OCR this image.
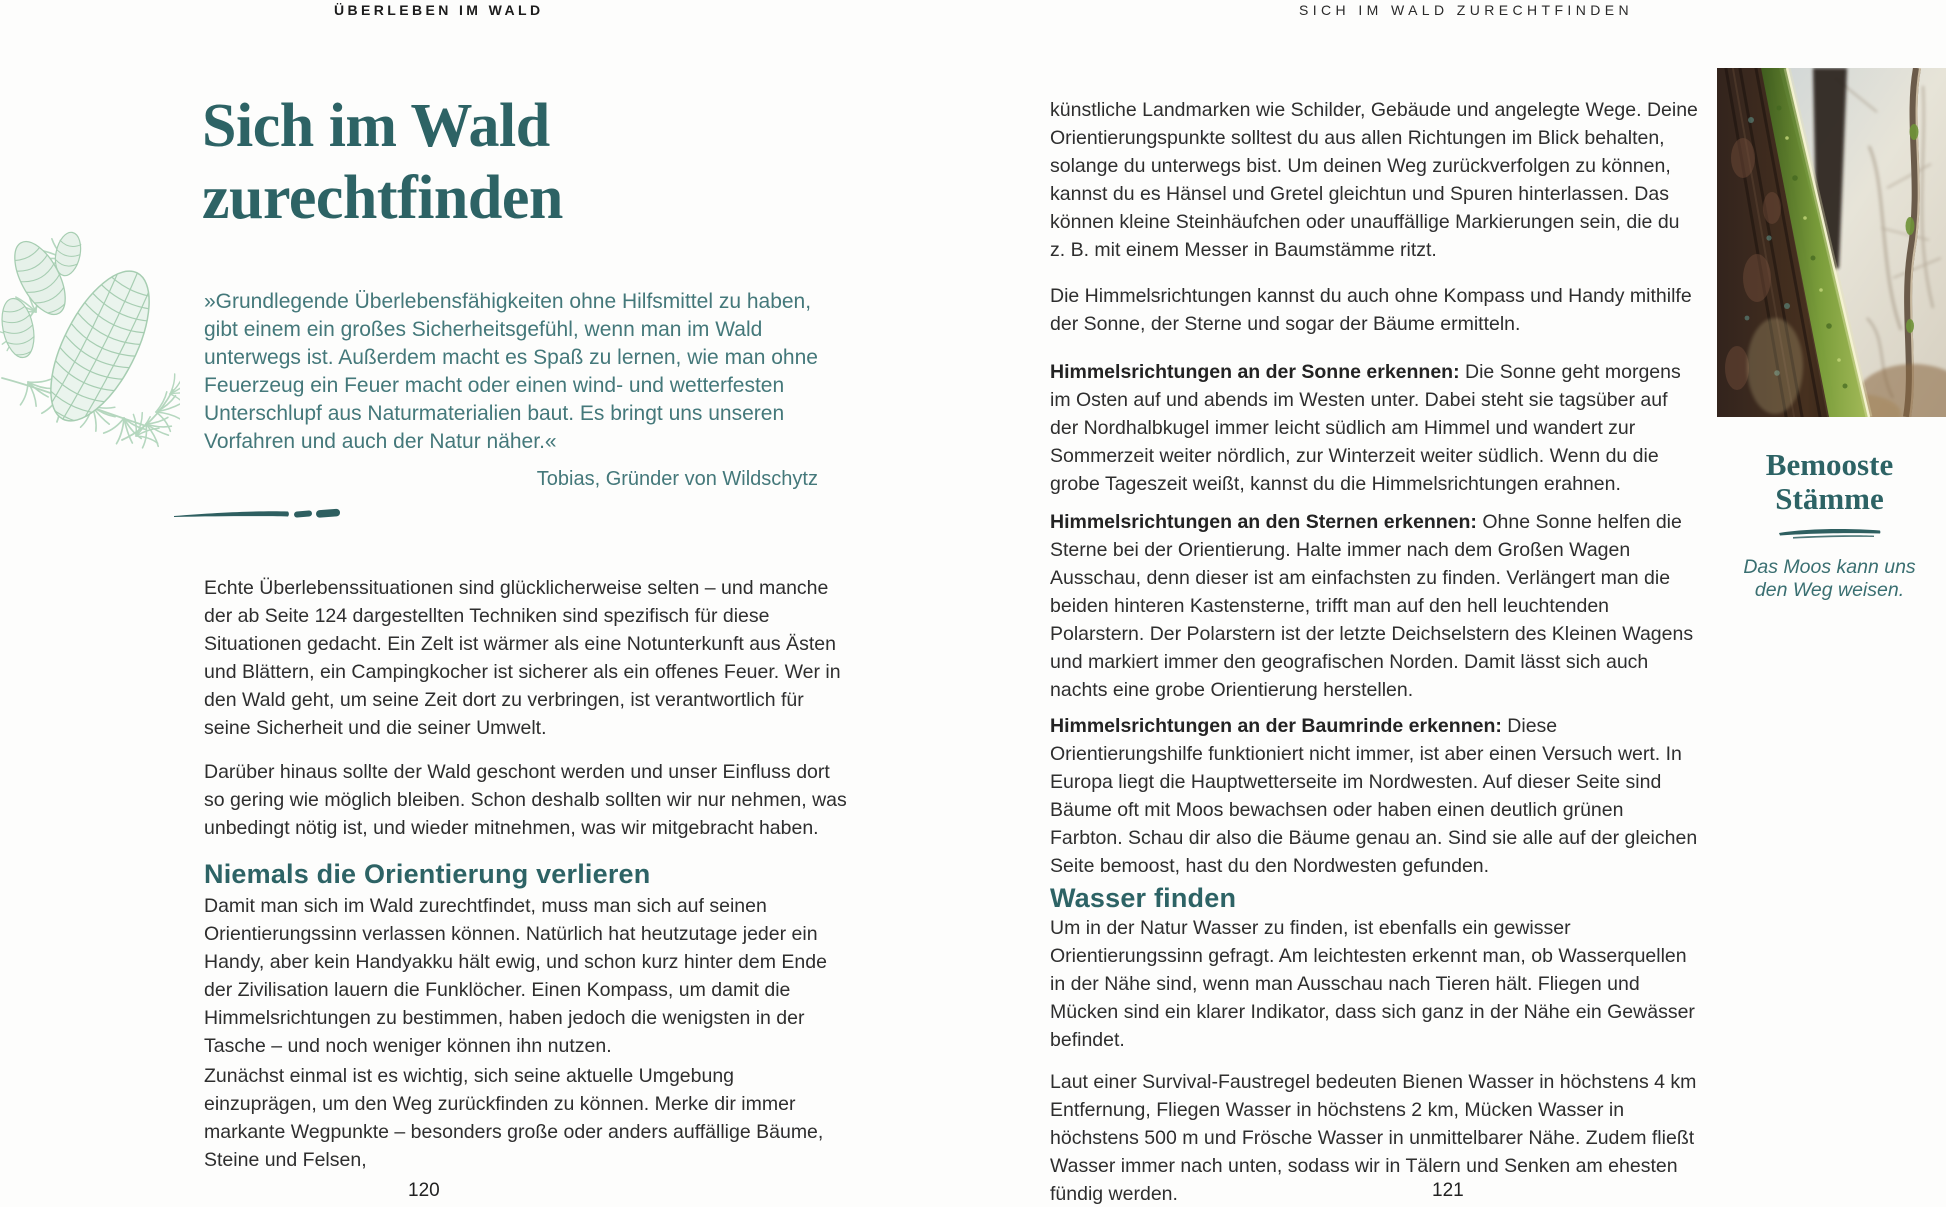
ÜBERLEBEN IM WALD	SICH IM WALD ZURECHTFINDEN
Sich im Wald zurechtfinden
»Grundlegende Überlebensfähigkeiten ohne Hilfsmittel zu haben, gibt einem ein großes Sicherheitsgefühl, wenn man im Wald unterwegs ist. Außerdem macht es Spaß zu lernen, wie man ohne Feuerzeug ein Feuer macht oder einen wind- und wetterfesten Unterschlupf aus Naturmaterialien baut. Es bringt uns unseren Vorfahren und auch der Natur näher.«
Tobias, Gründer von Wildschytz

Echte Überlebenssituationen sind glücklicherweise selten – und manche der ab Seite 124 dargestellten Techniken sind spezifisch für diese Situationen gedacht. Ein Zelt ist wärmer als eine Notunterkunft aus Ästen und Blättern, ein Campingkocher ist sicherer als ein offenes Feuer. Wer in den Wald geht, um seine Zeit dort zu verbringen, ist verantwortlich für seine Sicherheit und die seiner Umwelt.

Darüber hinaus sollte der Wald geschont werden und unser Einfluss dort so gering wie möglich bleiben. Schon deshalb sollten wir nur nehmen, was unbedingt nötig ist, und wieder mitnehmen, was wir mitgebracht haben.

Niemals die Orientierung verlieren

Damit man sich im Wald zurechtfindet, muss man sich auf seinen Orientierungssinn verlassen können. Natürlich hat heutzutage jeder ein Handy, aber kein Handyakku hält ewig, und schon kurz hinter dem Ende der Zivilisation lauern die Funklöcher. Einen Kompass, um damit die Himmelsrichtungen zu bestimmen, haben jedoch die wenigsten in der Tasche – und noch weniger können ihn nutzen.

Zunächst einmal ist es wichtig, sich seine aktuelle Umgebung einzuprägen, um den Weg zurückfinden zu können. Merke dir immer markante Wegpunkte – besonders große oder anders auffällige Bäume, Steine und Felsen,

künstliche Landmarken wie Schilder, Gebäude und angelegte Wege. Deine Orientierungspunkte solltest du aus allen Richtungen im Blick behalten, solange du unterwegs bist. Um deinen Weg zurückverfolgen zu können, kannst du es Hänsel und Gretel gleichtun und Spuren hinterlassen. Das können kleine Steinhäufchen oder unauffällige Markierungen sein, die du z. B. mit einem Messer in Baumstämme ritzt.

Die Himmelsrichtungen kannst du auch ohne Kompass und Handy mithilfe der Sonne, der Sterne und sogar der Bäume ermitteln.

Himmelsrichtungen an der Sonne erkennen: Die Sonne geht morgens im Osten auf und abends im Westen unter. Dabei steht sie tagsüber auf der Nordhalbkugel immer leicht südlich am Himmel und wandert zur Sommerzeit weiter nördlich, zur Winterzeit weiter südlich. Wenn du die grobe Tageszeit weißt, kannst du die Himmelsrichtungen erahnen.

Himmelsrichtungen an den Sternen erkennen: Ohne Sonne helfen die Sterne bei der Orientierung. Halte immer nach dem Großen Wagen Ausschau, denn dieser ist am einfachsten zu finden. Verlängert man die beiden hinteren Kastensterne, trifft man auf den hell leuchtenden Polarstern. Der Polarstern ist der letzte Deichselstern des Kleinen Wagens und markiert immer den geografischen Norden. Damit lässt sich auch nachts eine grobe Orientierung herstellen.

Himmelsrichtungen an der Baumrinde erkennen: Diese Orientierungshilfe funktioniert nicht immer, ist aber einen Versuch wert. In Europa liegt die Hauptwetterseite im Nordwesten. Auf dieser Seite sind Bäume oft mit Moos bewachsen oder haben einen deutlich grünen Farbton. Schau dir also die Bäume genau an. Sind sie alle auf der gleichen Seite bemoost, hast du den Nordwesten gefunden.

Wasser finden

Um in der Natur Wasser zu finden, ist ebenfalls ein gewisser Orientierungssinn gefragt. Am leichtesten erkennt man, ob Wasserquellen in der Nähe sind, wenn man Ausschau nach Tieren hält. Fliegen und Mücken sind ein klarer Indikator, dass sich ganz in der Nähe ein Gewässer befindet.

Laut einer Survival-Faustregel bedeuten Bienen Wasser in höchstens 4 km Entfernung, Fliegen Wasser in höchstens 2 km, Mücken Wasser in höchstens 500 m und Frösche Wasser in unmittelbarer Nähe. Zudem fließt Wasser immer nach unten, sodass wir in Tälern und Senken am ehesten fündig werden.

Bemooste Stämme

Das Moos kann uns den Weg weisen.

120	121
